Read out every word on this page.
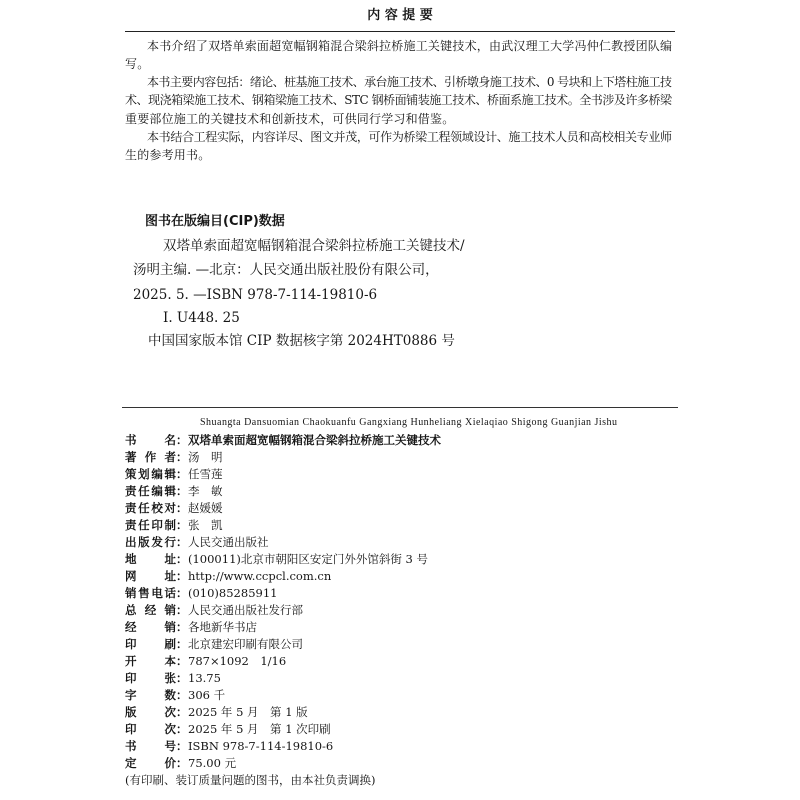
内 容 提 要
本书介绍了双塔单索面超宽幅钢箱混合梁斜拉桥施工关键技术，由武汉理工大学冯仲仁教授团队编
写。
本书主要内容包括：绪论、桩基施工技术、承台施工技术、引桥墩身施工技术、0 号块和上下塔柱施工技
术、现浇箱梁施工技术、钢箱梁施工技术、STC 钢桥面铺装施工技术、桥面系施工技术。全书涉及许多桥梁
重要部位施工的关键技术和创新技术，可供同行学习和借鉴。
本书结合工程实际，内容详尽、图文并茂，可作为桥梁工程领域设计、施工技术人员和高校相关专业师
生的参考用书。
图书在版编目(CIP)数据
双塔单索面超宽幅钢箱混合梁斜拉桥施工关键技术/
汤明主编. —北京：人民交通出版社股份有限公司，
2025. 5. —ISBN 978-7-114-19810-6
Ⅰ. U448. 25
中国国家版本馆 CIP 数据核字第 2024HT0886 号
Shuangta Dansuomian Chaokuanfu Gangxiang Hunheliang Xielaqiao Shigong Guanjian Jishu
书 名：双塔单索面超宽幅钢箱混合梁斜拉桥施工关键技术
著 作 者：汤　明
策划编辑：任雪莲
责任编辑：李　敏
责任校对：赵媛媛
责任印制：张　凯
出版发行：人民交通出版社
地 址：(100011)北京市朝阳区安定门外外馆斜街 3 号
网 址：http://www.ccpcl.com.cn
销售电话：(010)85285911
总 经 销：人民交通出版社发行部
经 销：各地新华书店
印 刷：北京建宏印刷有限公司
开 本：787×1092　1/16
印 张：13.75
字 数：306 千
版 次：2025 年 5 月　第 1 版
印 次：2025 年 5 月　第 1 次印刷
书 号：ISBN 978-7-114-19810-6
定 价：75.00 元
(有印刷、装订质量问题的图书，由本社负责调换)
